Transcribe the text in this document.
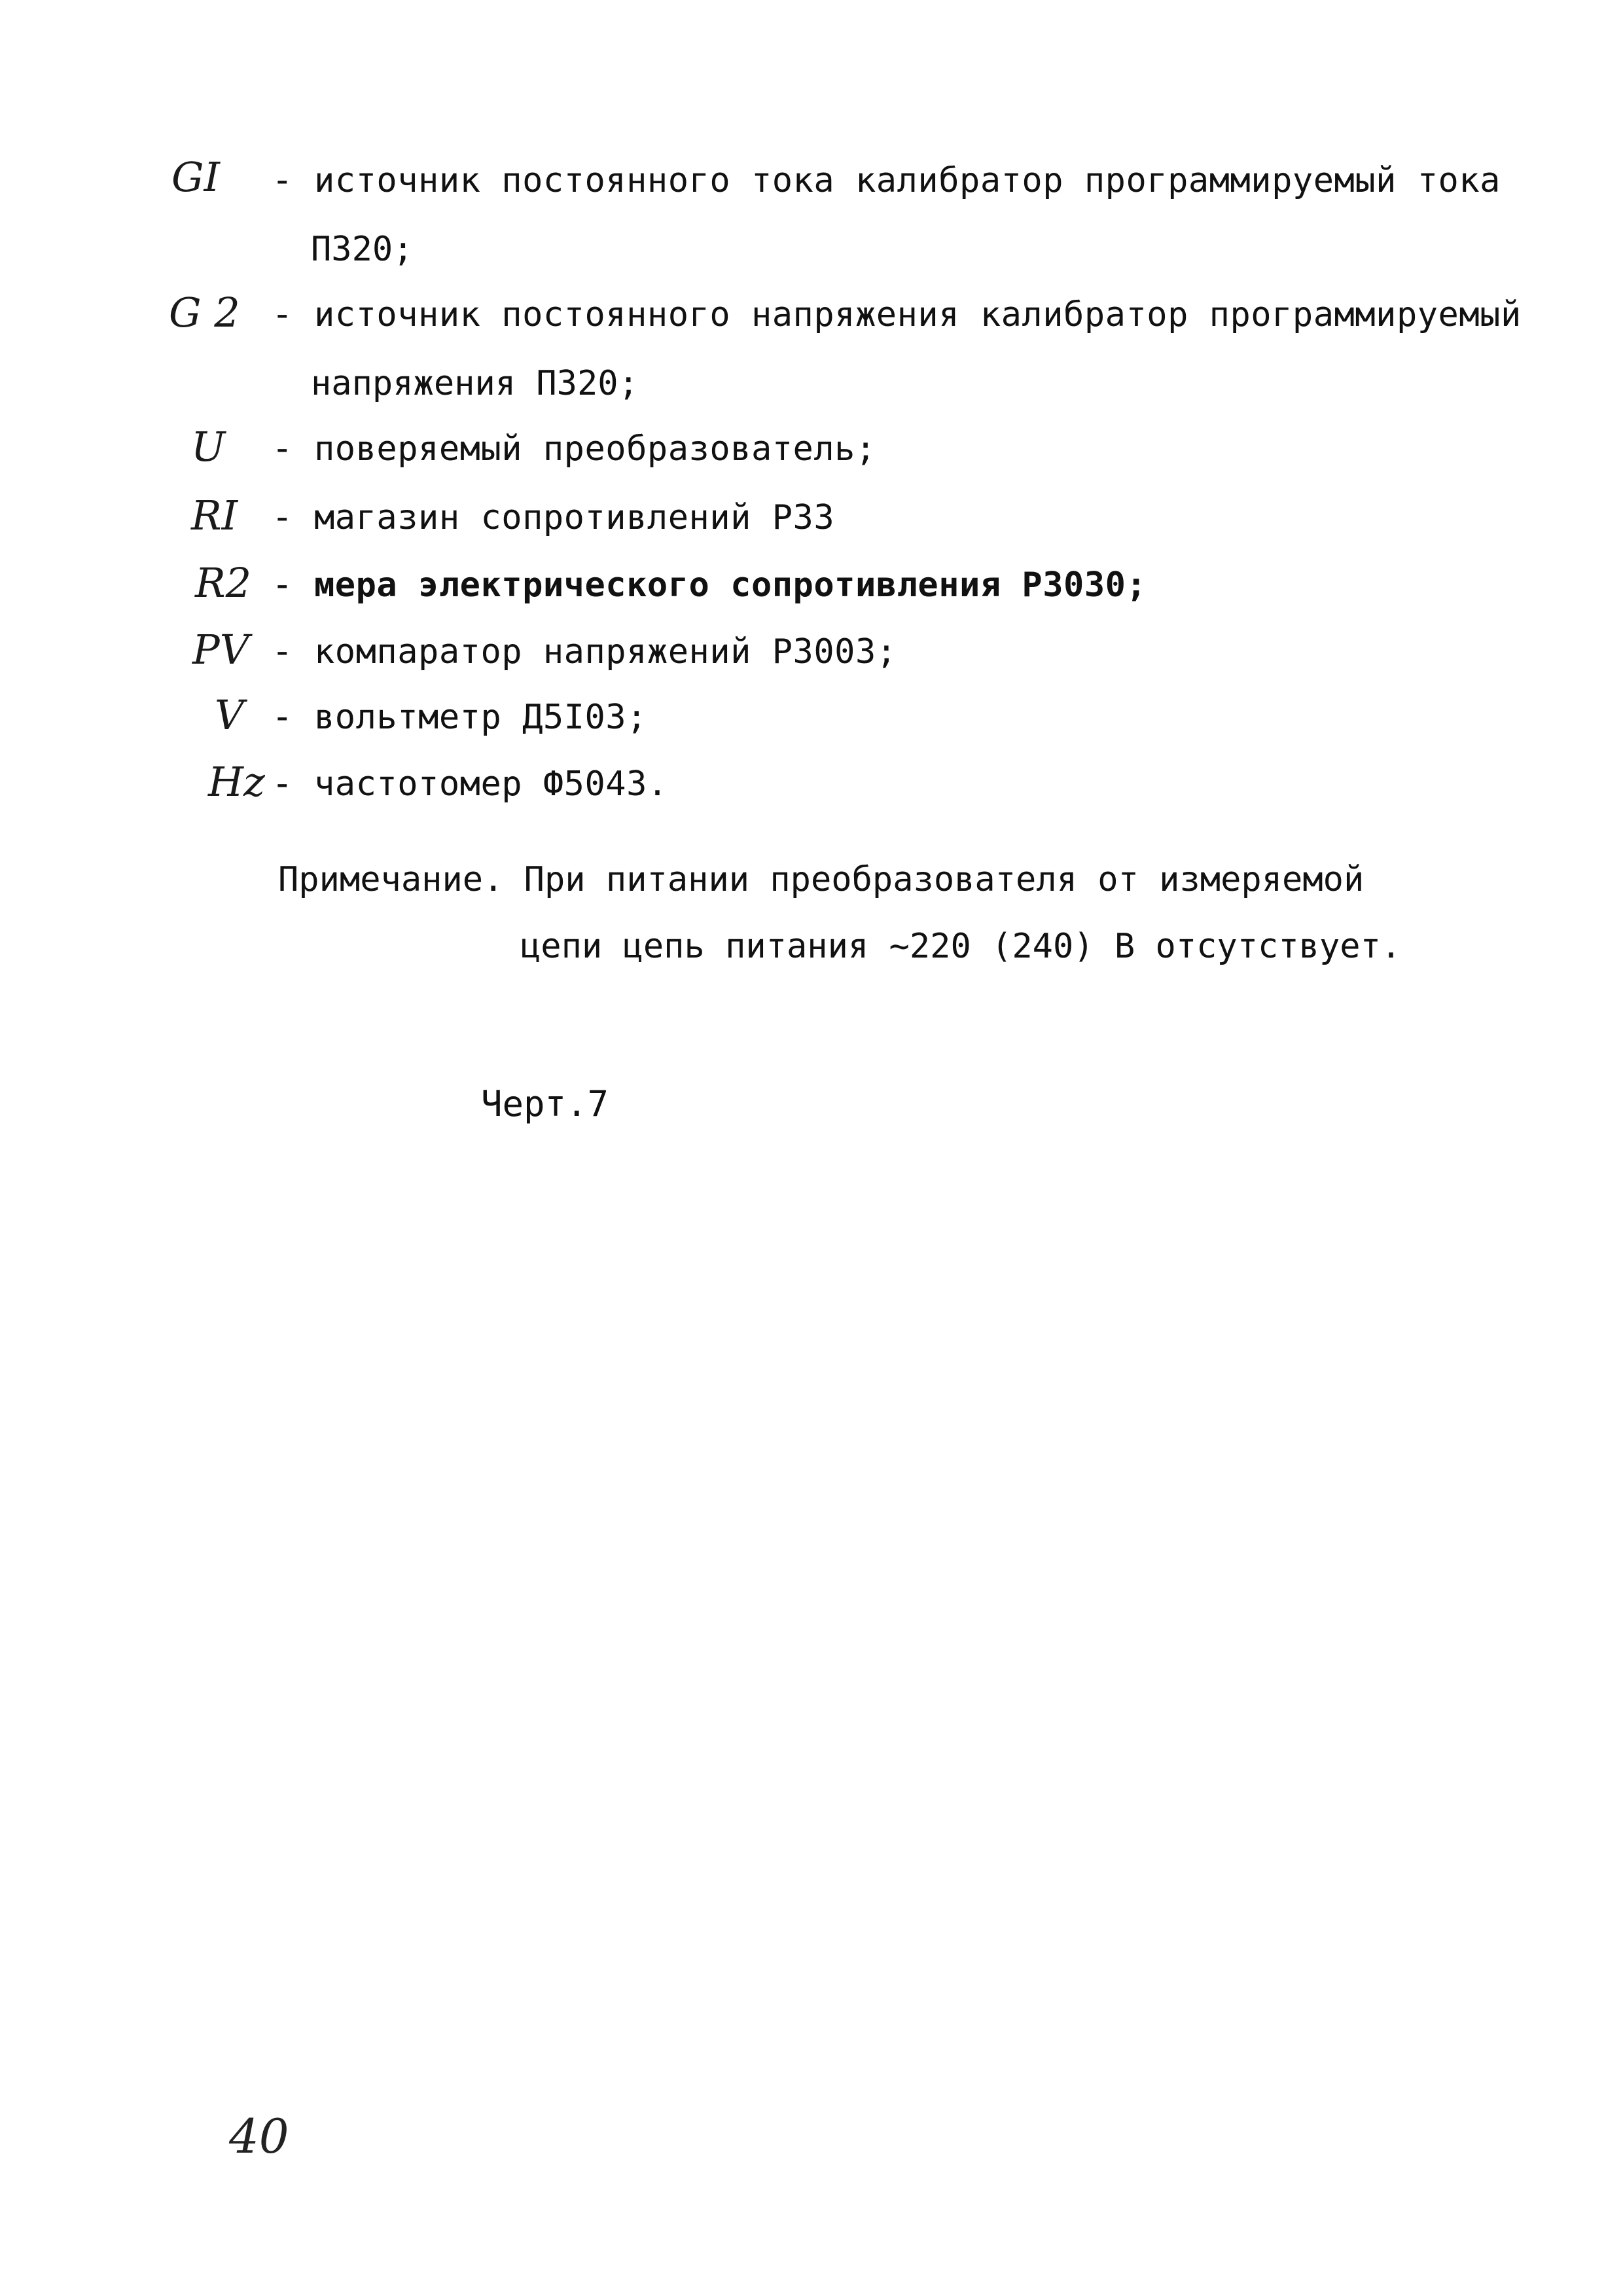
GI - источник постоянного тока калибратор программируемый тока
П320;
G 2 - источник постоянного напряжения калибратор программируемый
напряжения П320;
U - поверяемый преобразователь;
RI - магазин сопротивлений Р33
R2 - мера электрического сопротивления Р3030;
PV - компаратор напряжений Р3003;
V - вольтметр Д5I03;
Hz - частотомер Ф5043.
Примечание. При питании преобразователя от измеряемой
цепи цепь питания ~220 (240) В отсутствует.
Черт.7
40
